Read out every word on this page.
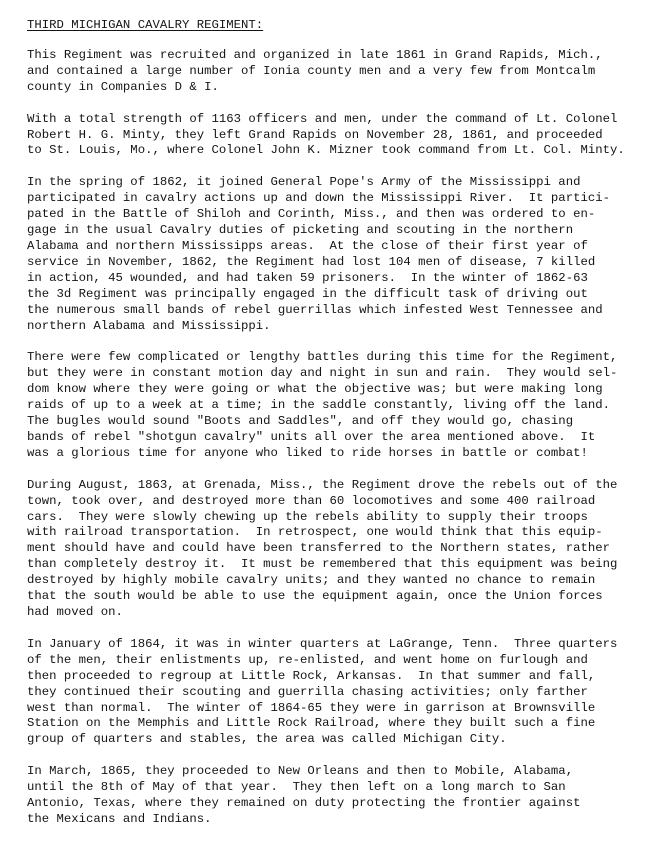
THIRD MICHIGAN CAVALRY REGIMENT:
This Regiment was recruited and organized in late 1861 in Grand Rapids, Mich.,
and contained a large number of Ionia county men and a very few from Montcalm
county in Companies D & I.
With a total strength of 1163 officers and men, under the command of Lt. Colonel
Robert H. G. Minty, they left Grand Rapids on November 28, 1861, and proceeded
to St. Louis, Mo., where Colonel John K. Mizner took command from Lt. Col. Minty.
In the spring of 1862, it joined General Pope's Army of the Mississippi and
participated in cavalry actions up and down the Mississippi River.  It partici-
pated in the Battle of Shiloh and Corinth, Miss., and then was ordered to en-
gage in the usual Cavalry duties of picketing and scouting in the northern
Alabama and northern Mississipps areas.  At the close of their first year of
service in November, 1862, the Regiment had lost 104 men of disease, 7 killed
in action, 45 wounded, and had taken 59 prisoners.  In the winter of 1862-63
the 3d Regiment was principally engaged in the difficult task of driving out
the numerous small bands of rebel guerrillas which infested West Tennessee and
northern Alabama and Mississippi.
There were few complicated or lengthy battles during this time for the Regiment,
but they were in constant motion day and night in sun and rain.  They would sel-
dom know where they were going or what the objective was; but were making long
raids of up to a week at a time; in the saddle constantly, living off the land.
The bugles would sound "Boots and Saddles", and off they would go, chasing
bands of rebel "shotgun cavalry" units all over the area mentioned above.  It
was a glorious time for anyone who liked to ride horses in battle or combat!
During August, 1863, at Grenada, Miss., the Regiment drove the rebels out of the
town, took over, and destroyed more than 60 locomotives and some 400 railroad
cars.  They were slowly chewing up the rebels ability to supply their troops
with railroad transportation.  In retrospect, one would think that this equip-
ment should have and could have been transferred to the Northern states, rather
than completely destroy it.  It must be remembered that this equipment was being
destroyed by highly mobile cavalry units; and they wanted no chance to remain
that the south would be able to use the equipment again, once the Union forces
had moved on.
In January of 1864, it was in winter quarters at LaGrange, Tenn.  Three quarters
of the men, their enlistments up, re-enlisted, and went home on furlough and
then proceeded to regroup at Little Rock, Arkansas.  In that summer and fall,
they continued their scouting and guerrilla chasing activities; only farther
west than normal.  The winter of 1864-65 they were in garrison at Brownsville
Station on the Memphis and Little Rock Railroad, where they built such a fine
group of quarters and stables, the area was called Michigan City.
In March, 1865, they proceeded to New Orleans and then to Mobile, Alabama,
until the 8th of May of that year.  They then left on a long march to San
Antonio, Texas, where they remained on duty protecting the frontier against
the Mexicans and Indians.
